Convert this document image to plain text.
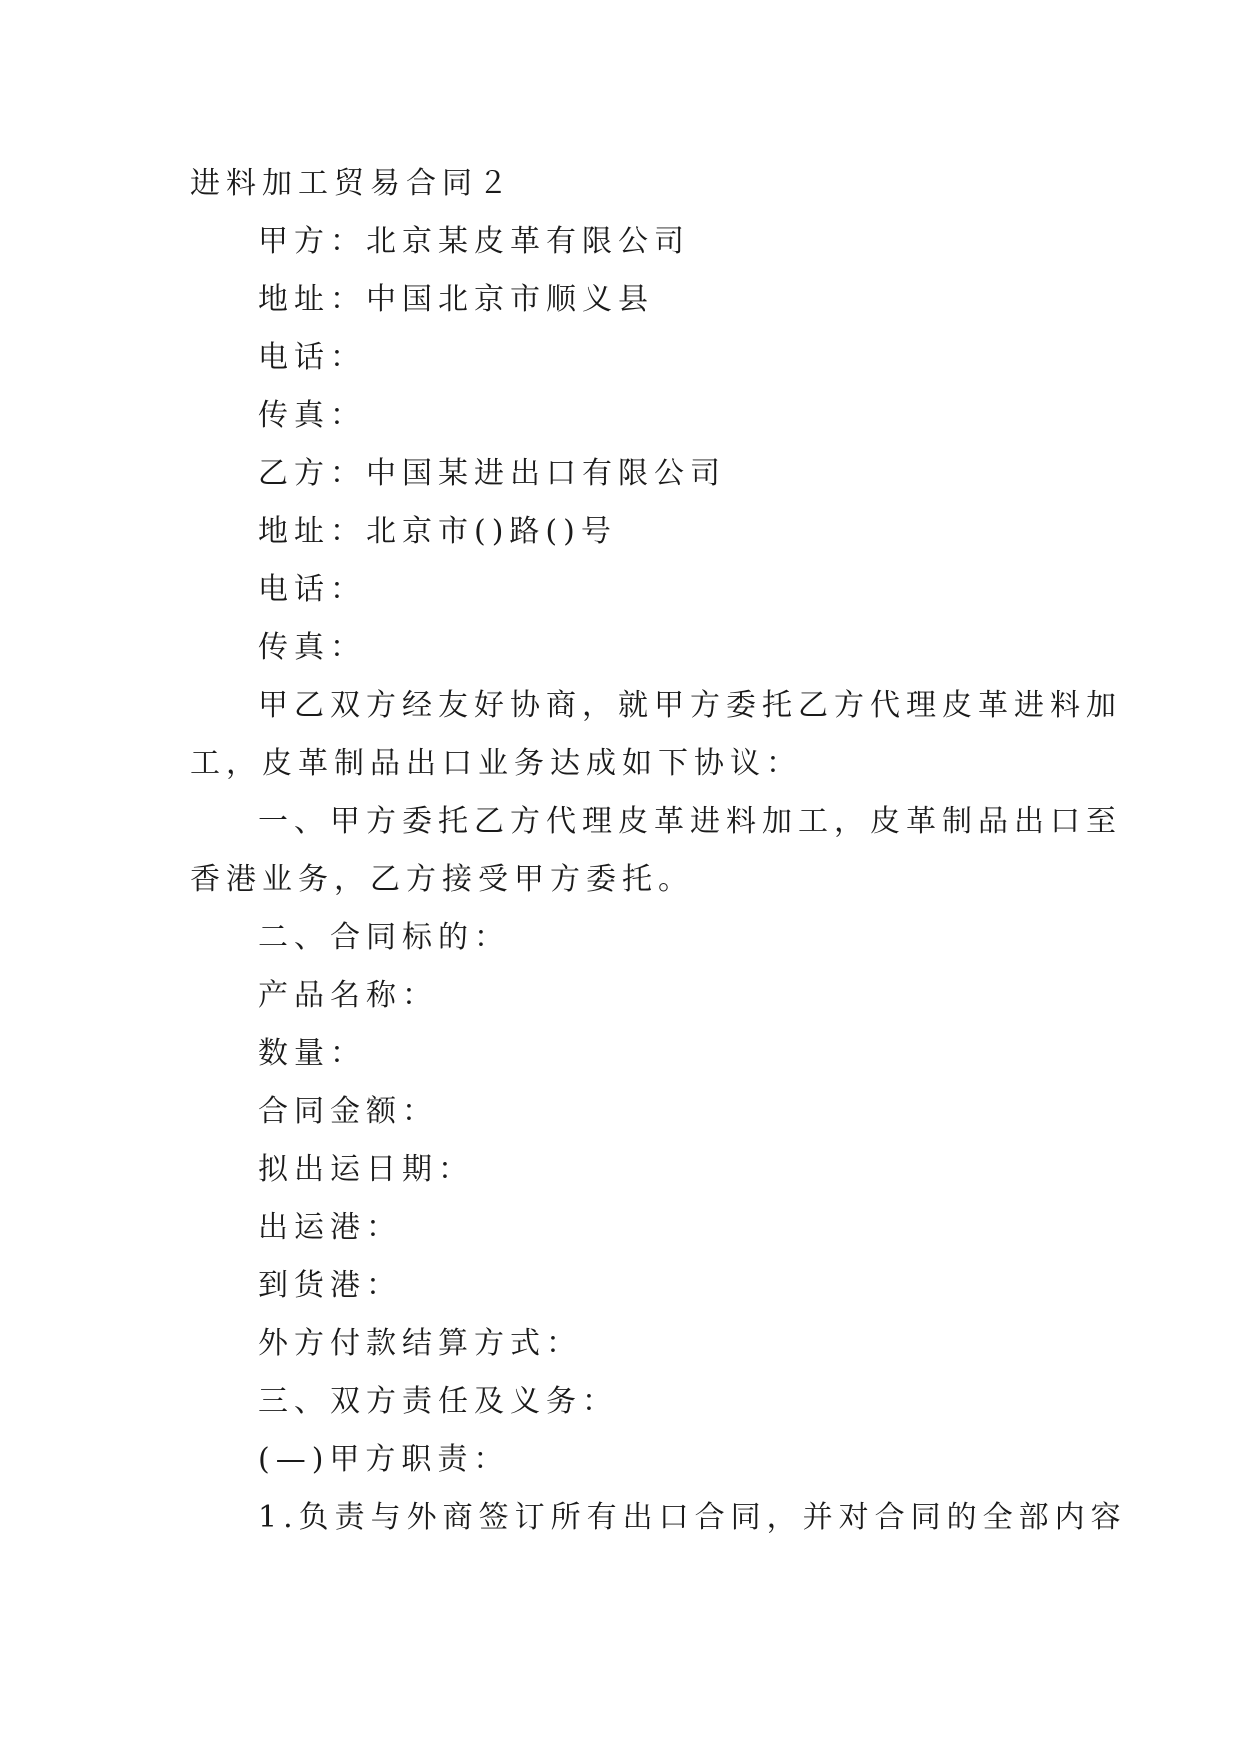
进料加工贸易合同２
甲方：北京某皮革有限公司
地址：中国北京市顺义县
电话：
传真：
乙方：中国某进出口有限公司
地址：北京市()路()号
电话：
传真：
甲乙双方经友好协商，就甲方委托乙方代理皮革进料加
工，皮革制品出口业务达成如下协议：
一、甲方委托乙方代理皮革进料加工，皮革制品出口至
香港业务，乙方接受甲方委托。
二、合同标的：
产品名称：
数量：
合同金额：
拟出运日期：
出运港：
到货港：
外方付款结算方式：
三、双方责任及义务：
(—)甲方职责：
1.负责与外商签订所有出口合同，并对合同的全部内容
